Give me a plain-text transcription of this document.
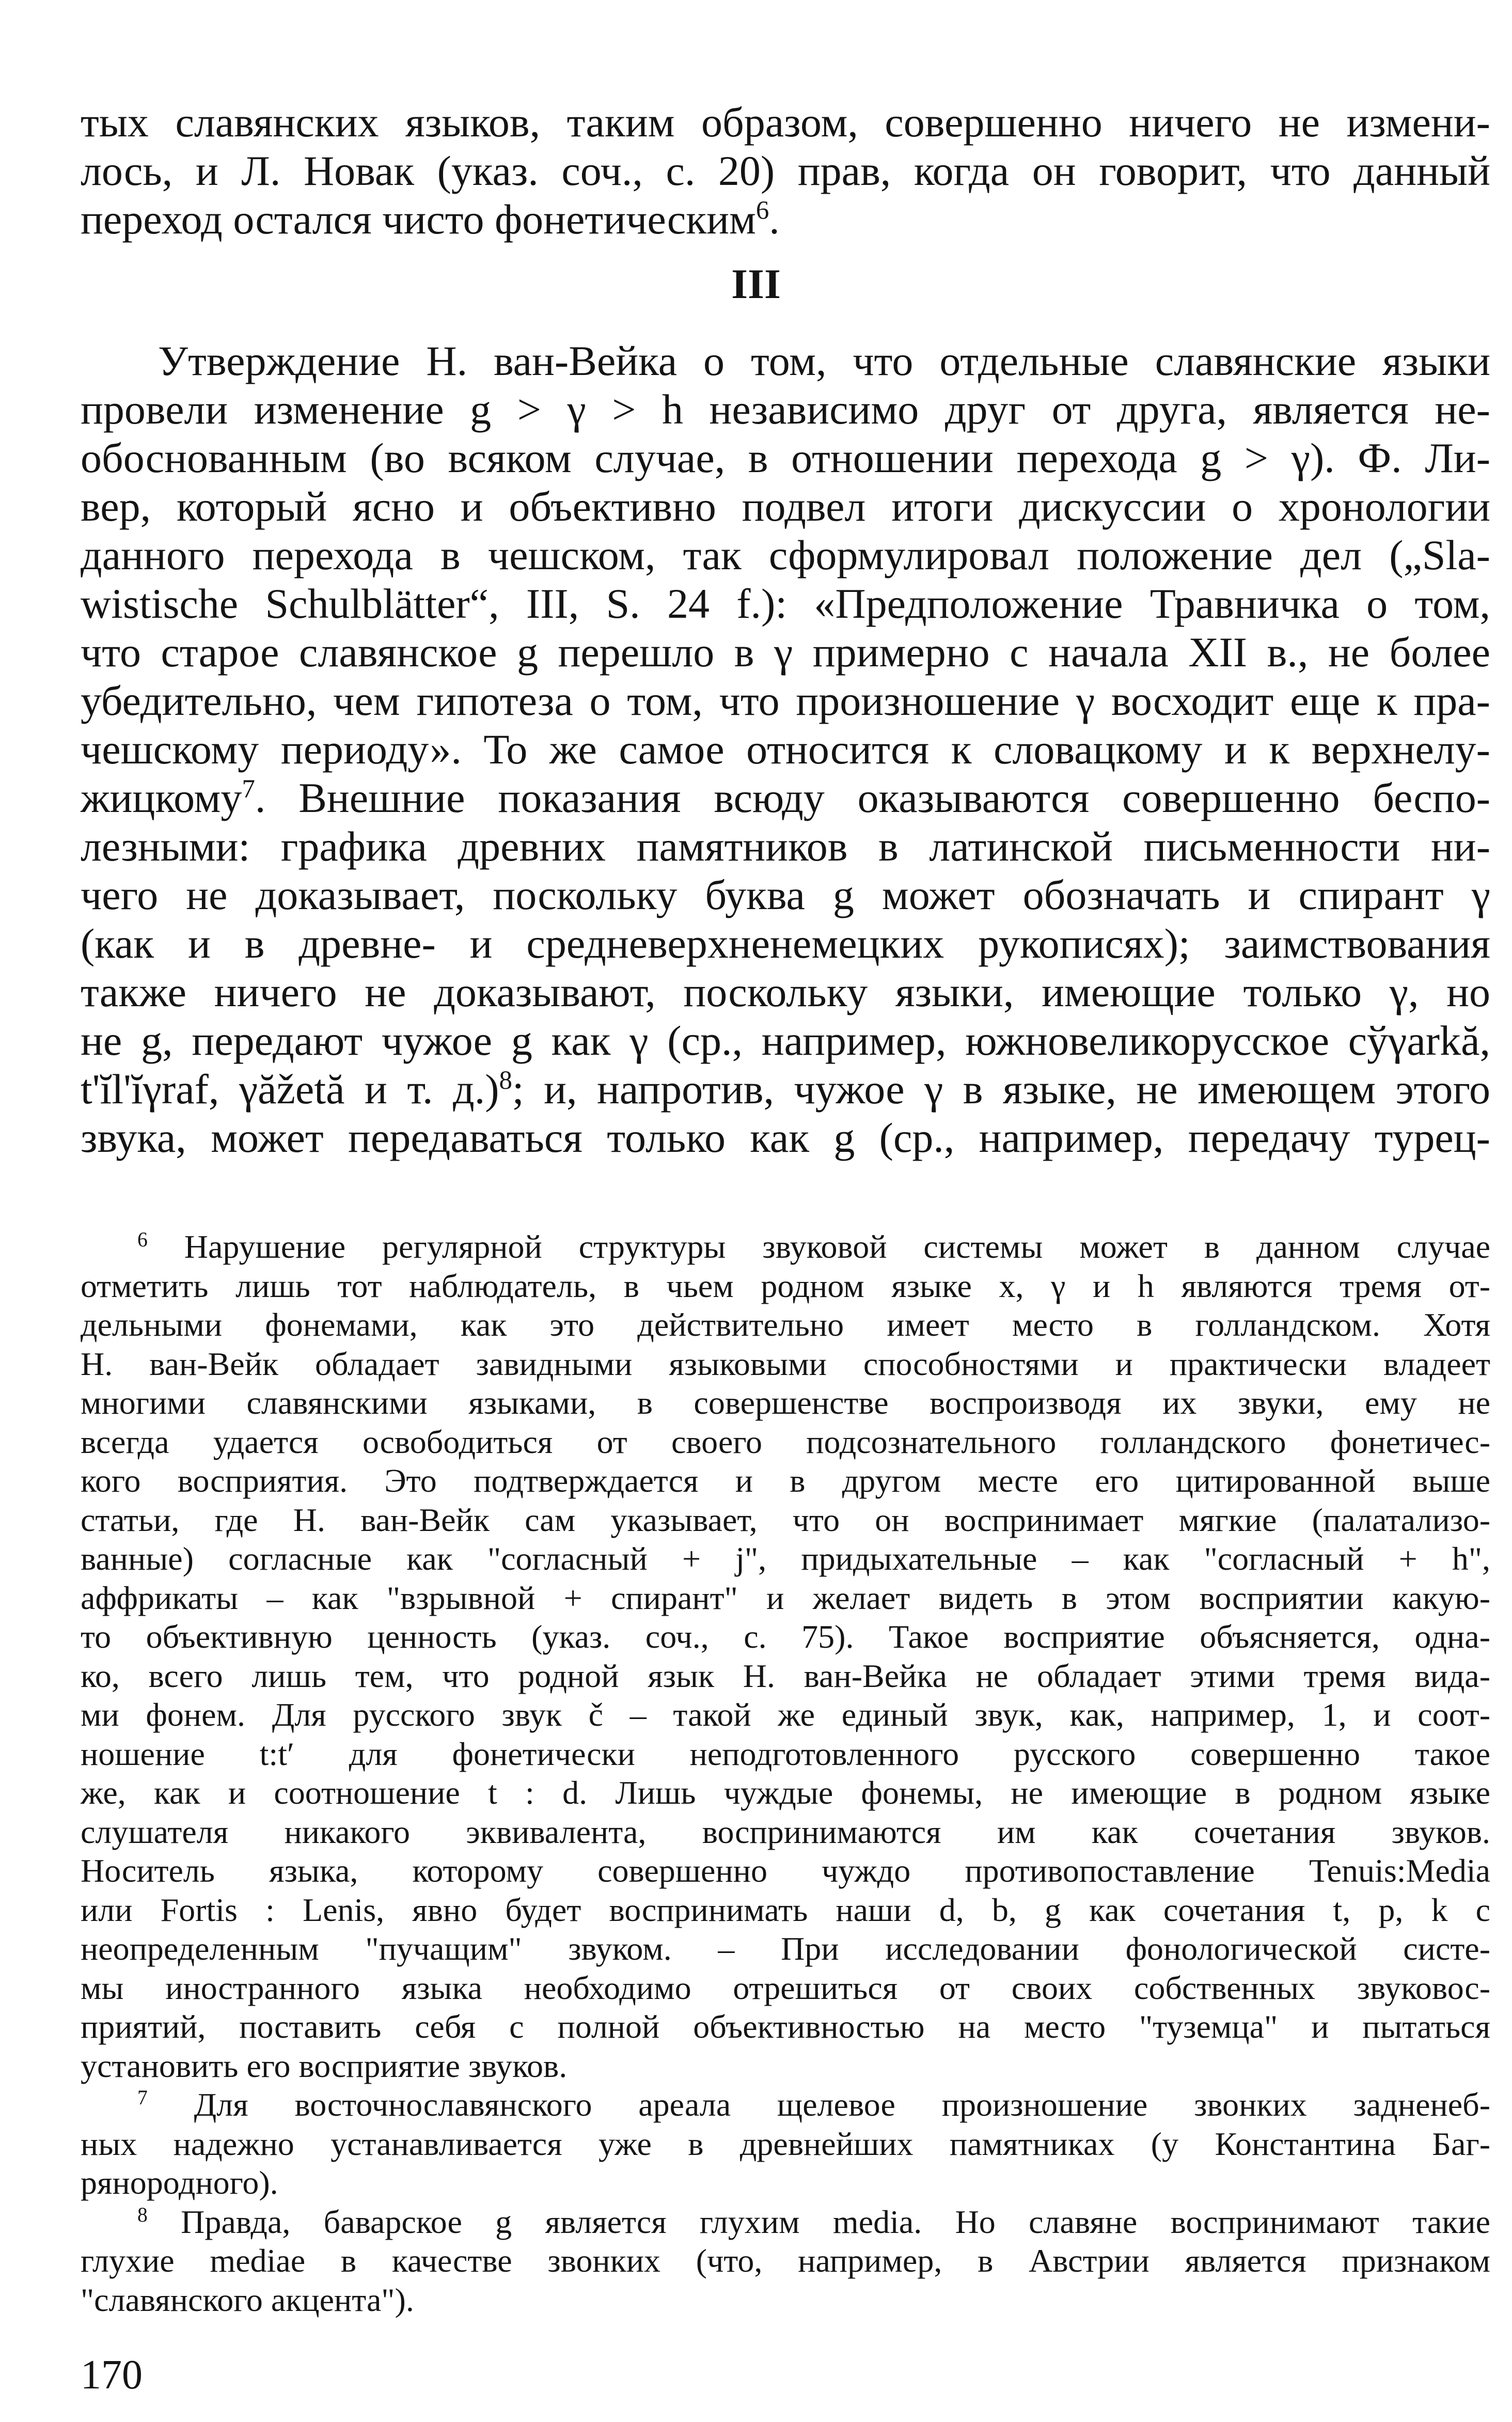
тых славянских языков, таким образом, совершенно ничего не измени-
лось, и Л. Новак (указ. соч., с. 20) прав, когда он говорит, что данный
переход остался чисто фонетическим$^6$.
III
Утверждение Н. ван-Вейка о том, что отдельные славянские языки
провели изменение g > γ > h независимо друг от друга, является не-
обоснованным (во всяком случае, в отношении перехода g > γ). Ф. Ли-
вер, который ясно и объективно подвел итоги дискуссии о хронологии
данного перехода в чешском, так сформулировал положение дел („Sla-
wistische Schulblätter“, III, S. 24 f.): «Предположение Травничка о том,
что старое славянское g перешло в γ примерно с начала XII в., не более
убедительно, чем гипотеза о том, что произношение γ восходит еще к пра-
чешскому периоду». То же самое относится к словацкому и к верхнелу-
жицкому$^7$. Внешние показания всюду оказываются совершенно беспо-
лезными: графика древних памятников в латинской письменности ни-
чего не доказывает, поскольку буква g может обозначать и спирант γ
(как и в древне- и средневерхненемецких рукописях); заимствования
также ничего не доказывают, поскольку языки, имеющие только γ, но
не g, передают чужое g как γ (ср., например, южновеликорусское сўγаrkă,
t'ĭl'ĭγraf, γăžetă и т. д.)$^8$; и, напротив, чужое γ в языке, не имеющем этого
звука, может передаваться только как g (ср., например, передачу турец-
$^6$ Нарушение регулярной структуры звуковой системы может в данном случае
отметить лишь тот наблюдатель, в чьем родном языке х, γ и h являются тремя от-
дельными фонемами, как это действительно имеет место в голландском. Хотя
Н. ван-Вейк обладает завидными языковыми способностями и практически владеет
многими славянскими языками, в совершенстве воспроизводя их звуки, ему не
всегда удается освободиться от своего подсознательного голландского фонетичес-
кого восприятия. Это подтверждается и в другом месте его цитированной выше
статьи, где Н. ван-Вейк сам указывает, что он воспринимает мягкие (палатализо-
ванные) согласные как "согласный + j", придыхательные – как "согласный + h",
аффрикаты – как "взрывной + спирант" и желает видеть в этом восприятии какую-
то объективную ценность (указ. соч., с. 75). Такое восприятие объясняется, одна-
ко, всего лишь тем, что родной язык Н. ван-Вейка не обладает этими тремя вида-
ми фонем. Для русского звук č – такой же единый звук, как, например, 1, и соот-
ношение t:t′ для фонетически неподготовленного русского совершенно такое
же, как и соотношение t : d. Лишь чуждые фонемы, не имеющие в родном языке
слушателя никакого эквивалента, воспринимаются им как сочетания звуков.
Носитель языка, которому совершенно чуждо противопоставление Tenuis:Media
или Fortis : Lenis, явно будет воспринимать наши d, b, g как сочетания t, p, k с
неопределенным "пучащим" звуком. – При исследовании фонологической систе-
мы иностранного языка необходимо отрешиться от своих собственных звуковос-
приятий, поставить себя с полной объективностью на место "туземца" и пытаться
установить его восприятие звуков.
$^7$ Для восточнославянского ареала щелевое произношение звонких задненеб-
ных надежно устанавливается уже в древнейших памятниках (у Константина Баг-
рянородного).
$^8$ Правда, баварское g является глухим media. Но славяне воспринимают такие
глухие mediae в качестве звонких (что, например, в Австрии является признаком
"славянского акцента").
170
